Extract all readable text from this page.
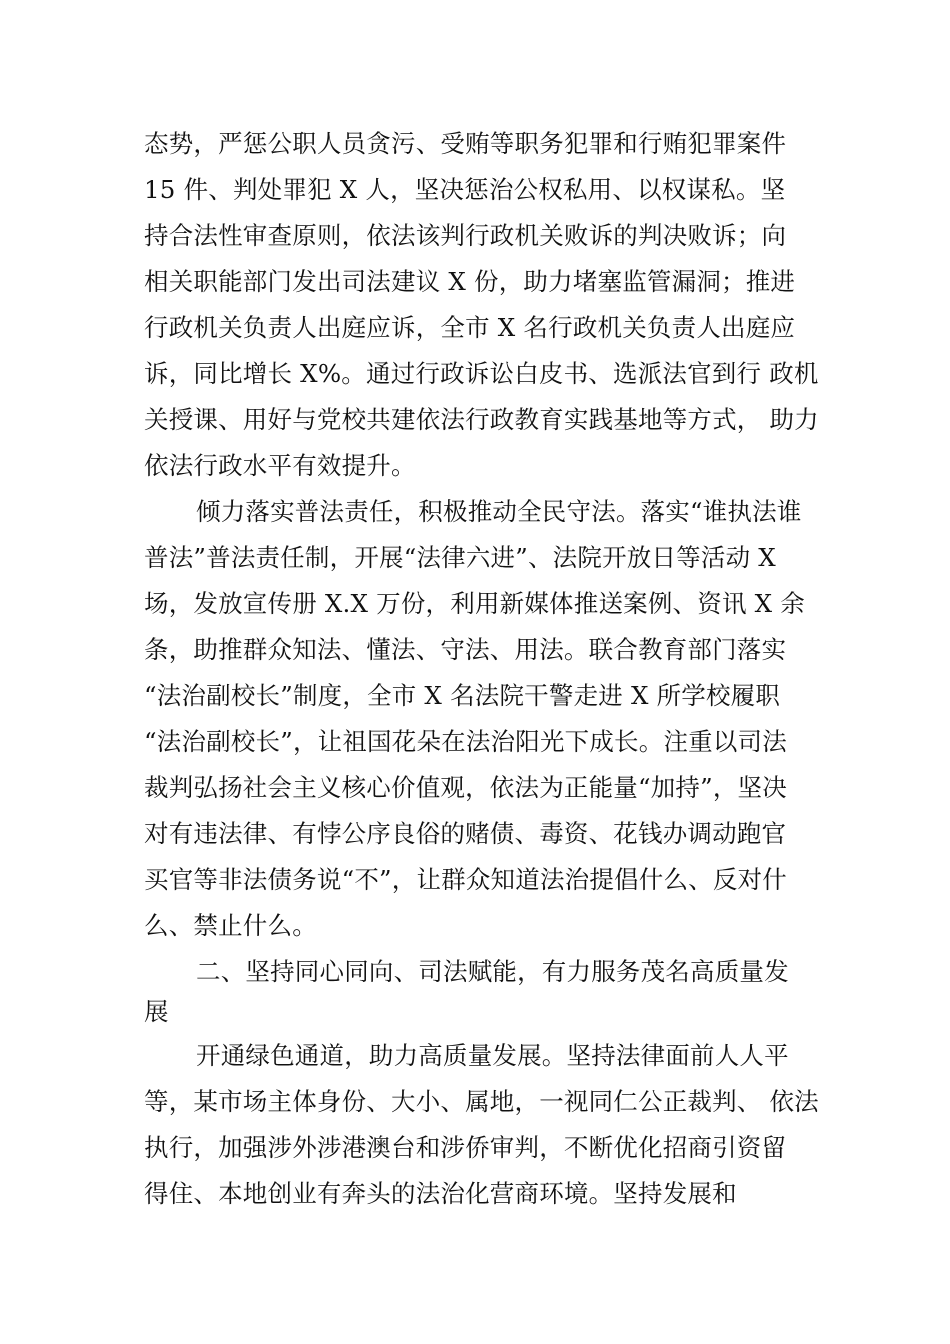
态势，严惩公职人员贪污、受贿等职务犯罪和行贿犯罪案件

15 件、判处罪犯 X 人，坚决惩治公权私用、以权谋私。坚

持合法性审查原则，依法该判行政机关败诉的判决败诉；向

相关职能部门发出司法建议 X 份，助力堵塞监管漏洞；推进

行政机关负责人出庭应诉，全市 X 名行政机关负责人出庭应

诉，同比增长 X%。通过行政诉讼白皮书、选派法官到行 政机

关授课、用好与党校共建依法行政教育实践基地等方式， 助力

依法行政水平有效提升。

倾力落实普法责任，积极推动全民守法。落实“谁执法谁

普法”普法责任制，开展“法律六进”、法院开放日等活动 X

场，发放宣传册 X.X 万份，利用新媒体推送案例、资讯 X 余

条，助推群众知法、懂法、守法、用法。联合教育部门落实

“法治副校长”制度，全市 X 名法院干警走进 X 所学校履职

“法治副校长”，让祖国花朵在法治阳光下成长。注重以司法

裁判弘扬社会主义核心价值观，依法为正能量“加持”，坚决

对有违法律、有悖公序良俗的赌债、毒资、花钱办调动跑官

买官等非法债务说“不”，让群众知道法治提倡什么、反对什

么、禁止什么。

二、坚持同心同向、司法赋能，有力服务茂名高质量发

展

开通绿色通道，助力高质量发展。坚持法律面前人人平

等，某市场主体身份、大小、属地，一视同仁公正裁判、 依法

执行，加强涉外涉港澳台和涉侨审判，不断优化招商引资留

得住、本地创业有奔头的法治化营商环境。坚持发展和
